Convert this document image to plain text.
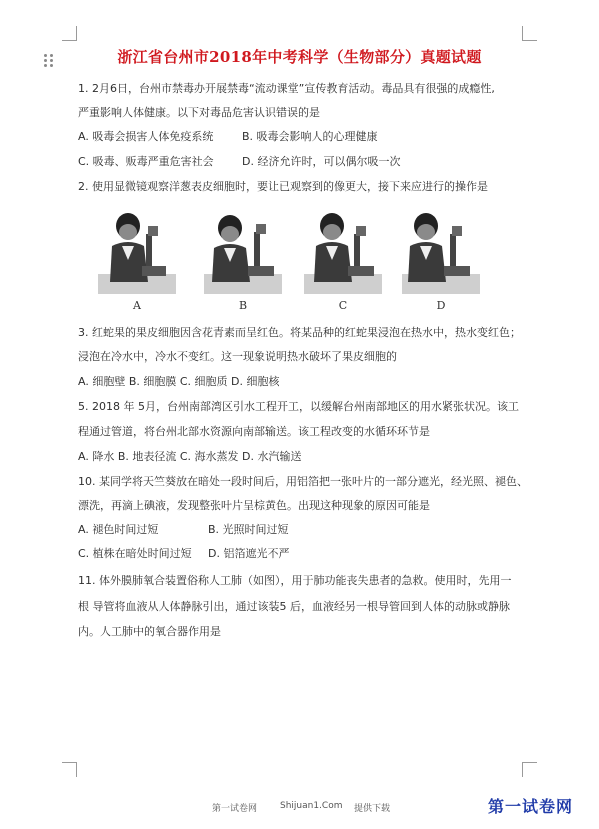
浙江省台州市2018年中考科学（生物部分）真题试题
1. 2月6日，台州市禁毒办开展禁毒“流动课堂”宣传教育活动。毒品具有很强的成瘾性,
严重影响人体健康。以下对毒品危害认识错误的是
A. 吸毒会损害人体免疫系统	B. 吸毒会影响人的心理健康
C. 吸毒、贩毒严重危害社会	D. 经济允许时，可以偶尔吸一次
2. 使用显微镜观察洋葱表皮细胞时，要让已观察到的像更大，接下来应进行的操作是
A	B	C	D
3. 红蛇果的果皮细胞因含花青素而呈红色。将某品种的红蛇果浸泡在热水中，热水变红色；
浸泡在冷水中，冷水不变红。这一现象说明热水破坏了果皮细胞的
A. 细胞壁 B. 细胞膜 C. 细胞质 D. 细胞核
5. 2018 年 5月，台州南部湾区引水工程开工，以缓解台州南部地区的用水紧张状况。该工
程通过管道，将台州北部水资源向南部输送。该工程改变的水循环环节是
A. 降水 B. 地表径流 C. 海水蒸发 D. 水汽输送
10. 某同学将天竺葵放在暗处一段时间后，用铝箔把一张叶片的一部分遮光，经光照、褪色、
漂洗，再滴上碘液，发现整张叶片呈棕黄色。出现这种现象的原因可能是
A. 褪色时间过短	B. 光照时间过短
C. 植株在暗处时间过短 D. 铝箔遮光不严
11. 体外膜肺氧合装置俗称人工肺（如图），用于肺功能丧失患者的急救。使用时，先用一
根 导管将血液从人体静脉引出，通过该装5 后，血液经另一根导管回到人体的动脉或静脉
内。人工肺中的氧合器作用是
第一试卷网	Shijuan1.Com 提供下载	第一试卷网
